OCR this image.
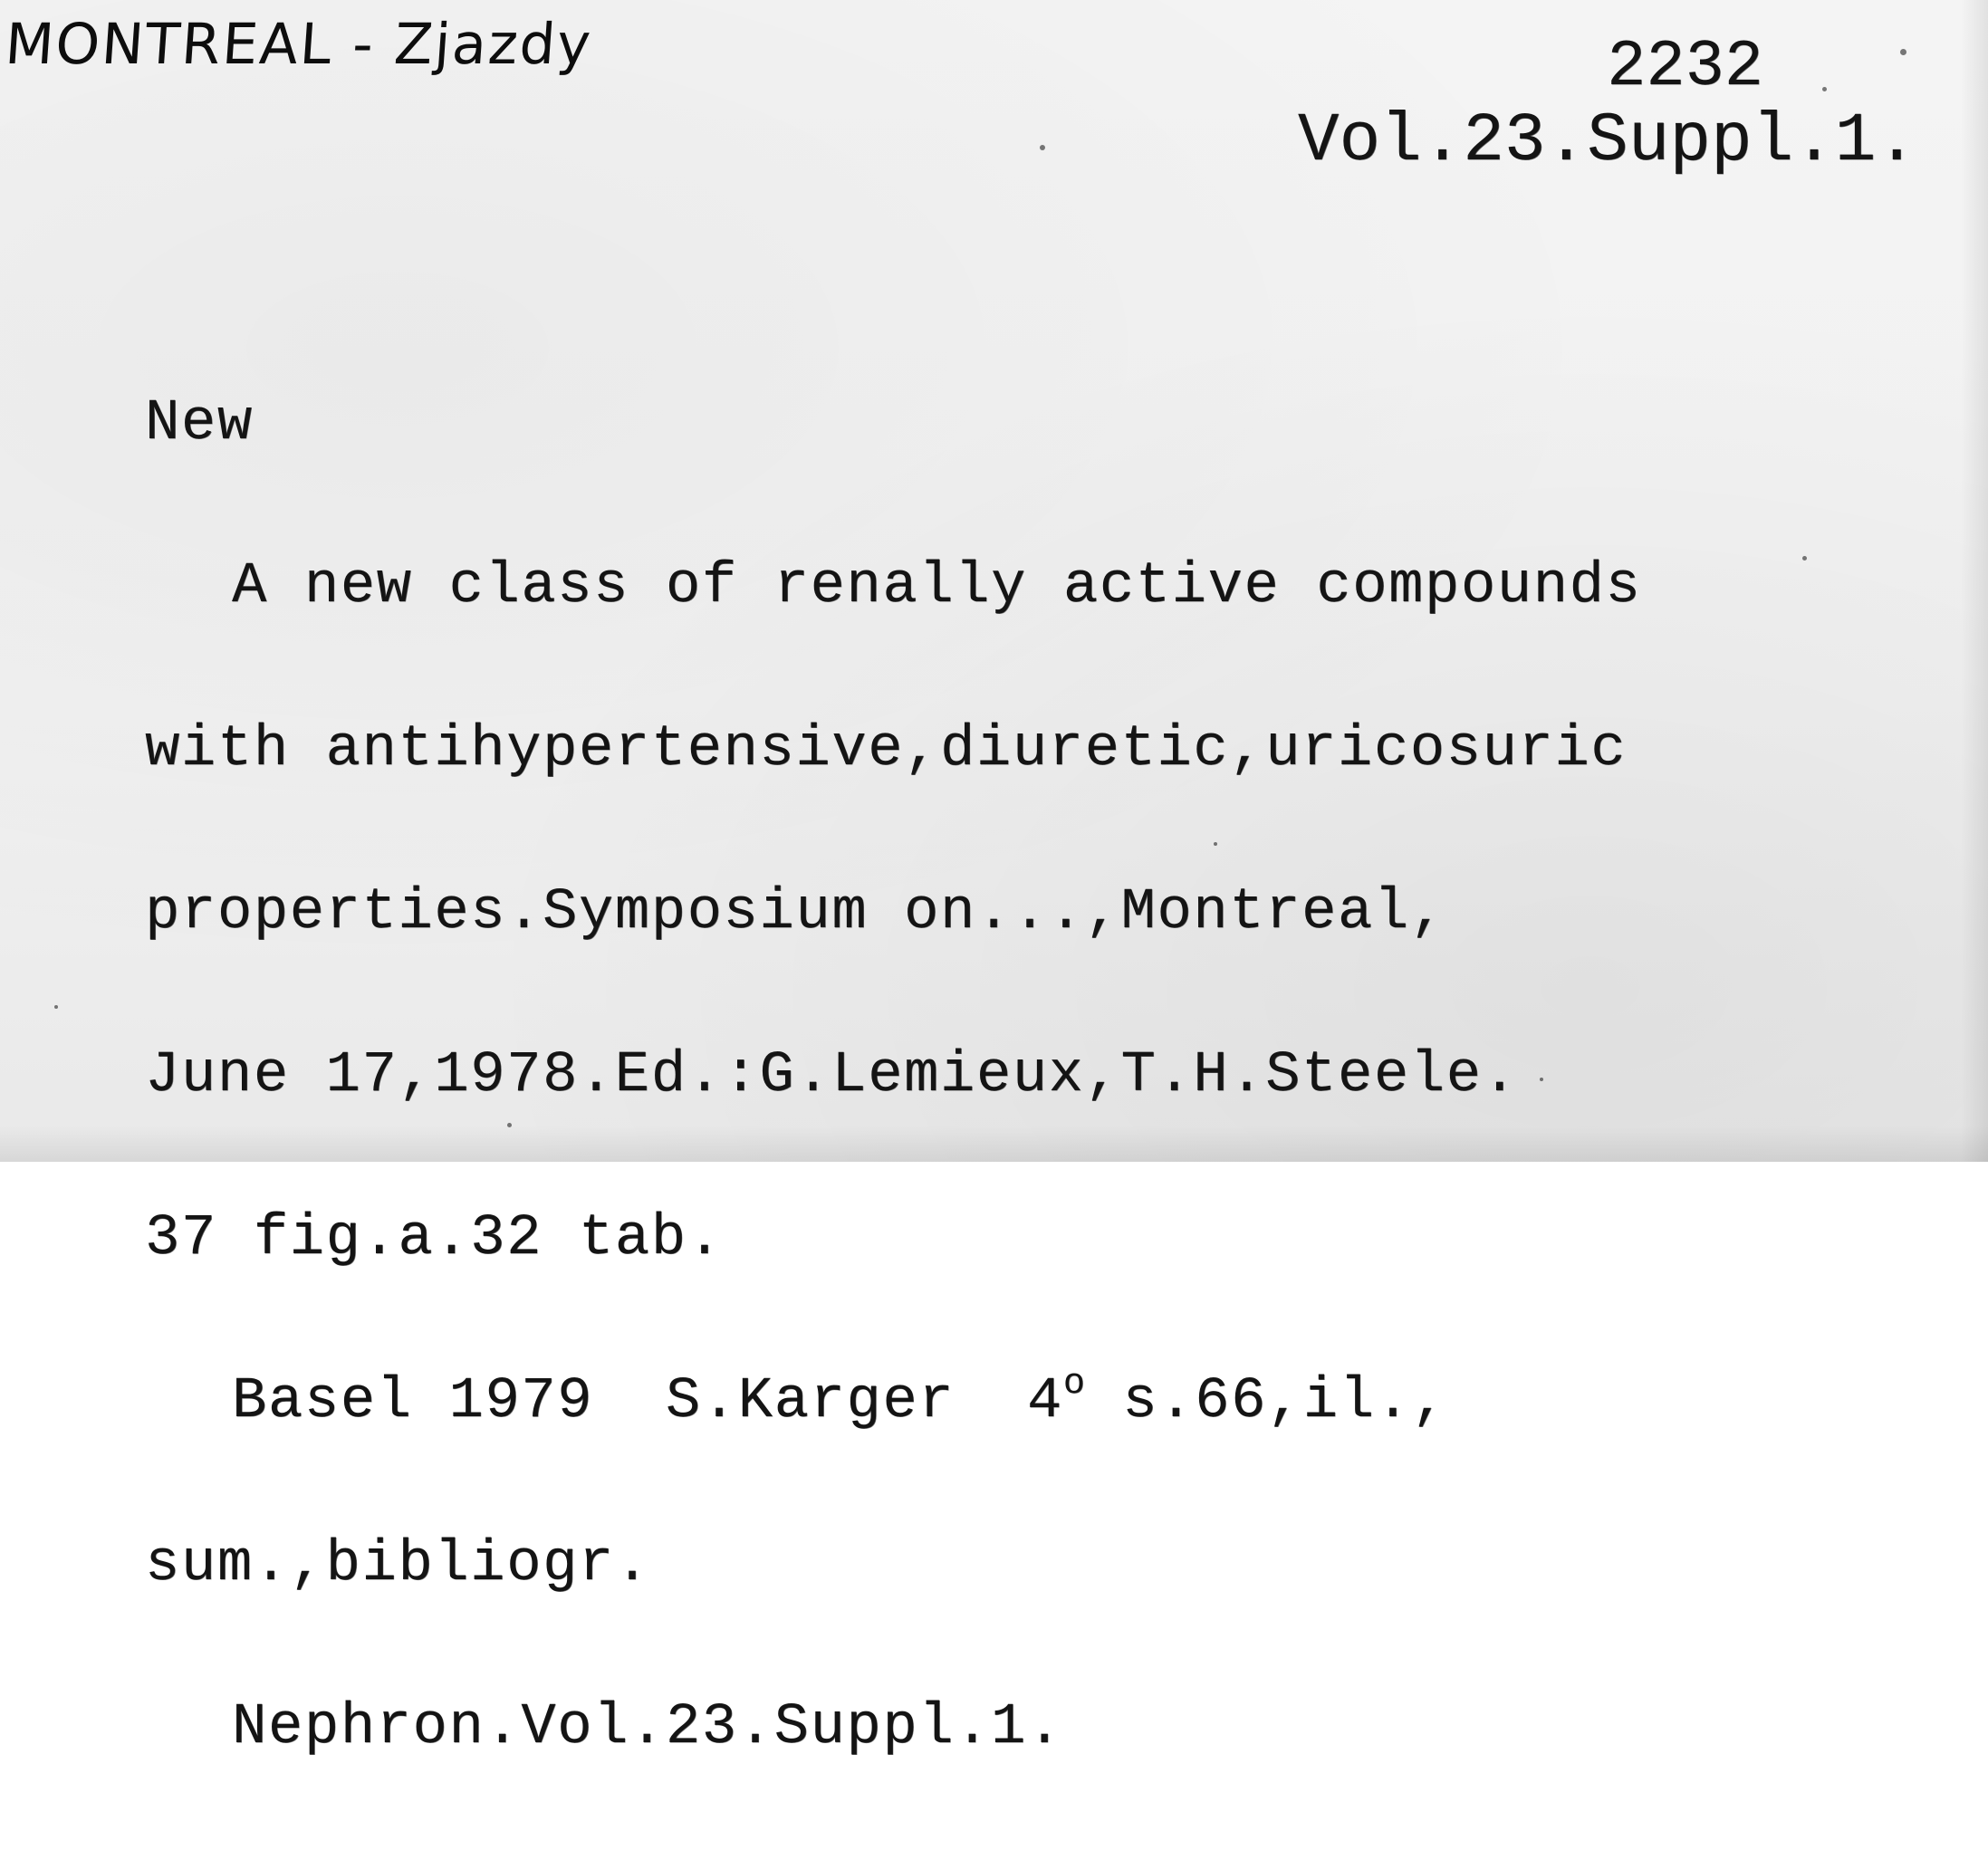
MONTREAL - Zjazdy	2232
Vol.23.Suppl.1.

New

A new class of renally active compounds

with antihypertensive,diuretic,uricosuric

properties.Symposium on...,Montreal,

June 17,1978.Ed.:G.Lemieux,T.H.Steele.

37 fig.a.32 tab.

Basel 1979  S.Karger  4$^o$ s.66,il.,

sum.,bibliogr.

Nephron.Vol.23.Suppl.1.
